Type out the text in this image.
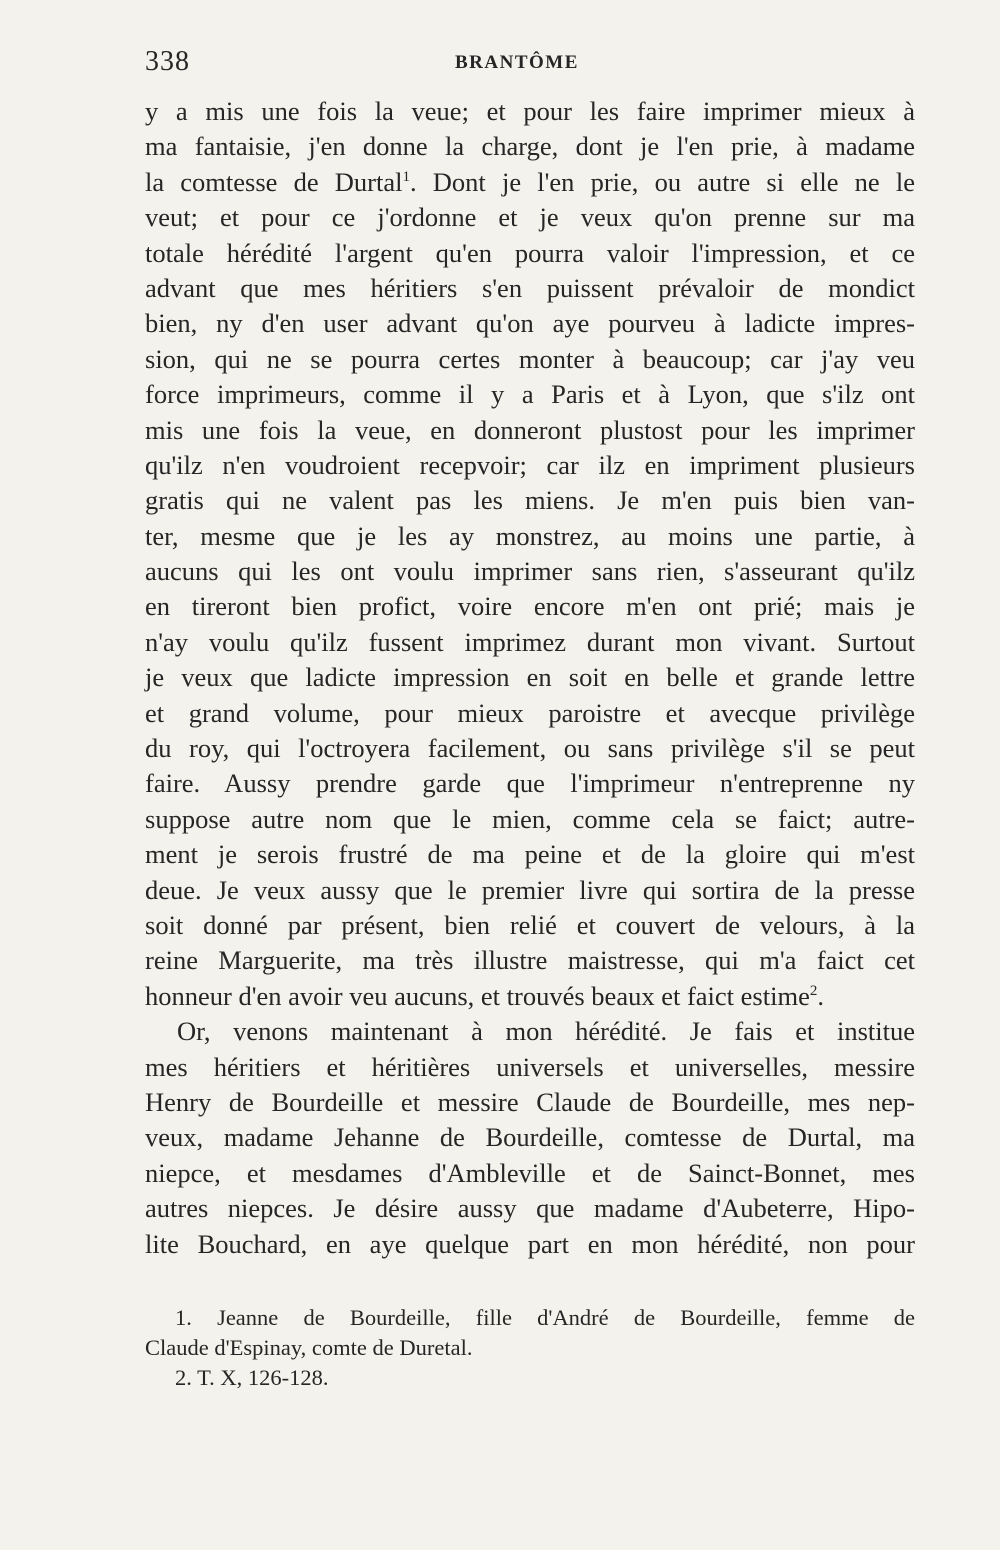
338	BRANTÔME
y a mis une fois la veue; et pour les faire imprimer mieux à
ma fantaisie, j'en donne la charge, dont je l'en prie, à madame
la comtesse de Durtal$^1$. Dont je l'en prie, ou autre si elle ne le
veut; et pour ce j'ordonne et je veux qu'on prenne sur ma
totale hérédité l'argent qu'en pourra valoir l'impression, et ce
advant que mes héritiers s'en puissent prévaloir de mondict
bien, ny d'en user advant qu'on aye pourveu à ladicte impres-
sion, qui ne se pourra certes monter à beaucoup; car j'ay veu
force imprimeurs, comme il y a Paris et à Lyon, que s'ilz ont
mis une fois la veue, en donneront plustost pour les imprimer
qu'ilz n'en voudroient recepvoir; car ilz en impriment plusieurs
gratis qui ne valent pas les miens. Je m'en puis bien van-
ter, mesme que je les ay monstrez, au moins une partie, à
aucuns qui les ont voulu imprimer sans rien, s'asseurant qu'ilz
en tireront bien profict, voire encore m'en ont prié; mais je
n'ay voulu qu'ilz fussent imprimez durant mon vivant. Surtout
je veux que ladicte impression en soit en belle et grande lettre
et grand volume, pour mieux paroistre et avecque privilège
du roy, qui l'octroyera facilement, ou sans privilège s'il se peut
faire. Aussy prendre garde que l'imprimeur n'entreprenne ny
suppose autre nom que le mien, comme cela se faict; autre-
ment je serois frustré de ma peine et de la gloire qui m'est
deue. Je veux aussy que le premier livre qui sortira de la presse
soit donné par présent, bien relié et couvert de velours, à la
reine Marguerite, ma très illustre maistresse, qui m'a faict cet
honneur d'en avoir veu aucuns, et trouvés beaux et faict estime$^2$.
Or, venons maintenant à mon hérédité. Je fais et institue
mes héritiers et héritières universels et universelles, messire
Henry de Bourdeille et messire Claude de Bourdeille, mes nep-
veux, madame Jehanne de Bourdeille, comtesse de Durtal, ma
niepce, et mesdames d'Ambleville et de Sainct-Bonnet, mes
autres niepces. Je désire aussy que madame d'Aubeterre, Hipo-
lite Bouchard, en aye quelque part en mon hérédité, non pour
1. Jeanne de Bourdeille, fille d'André de Bourdeille, femme de
Claude d'Espinay, comte de Duretal.
2. T. X, 126-128.
